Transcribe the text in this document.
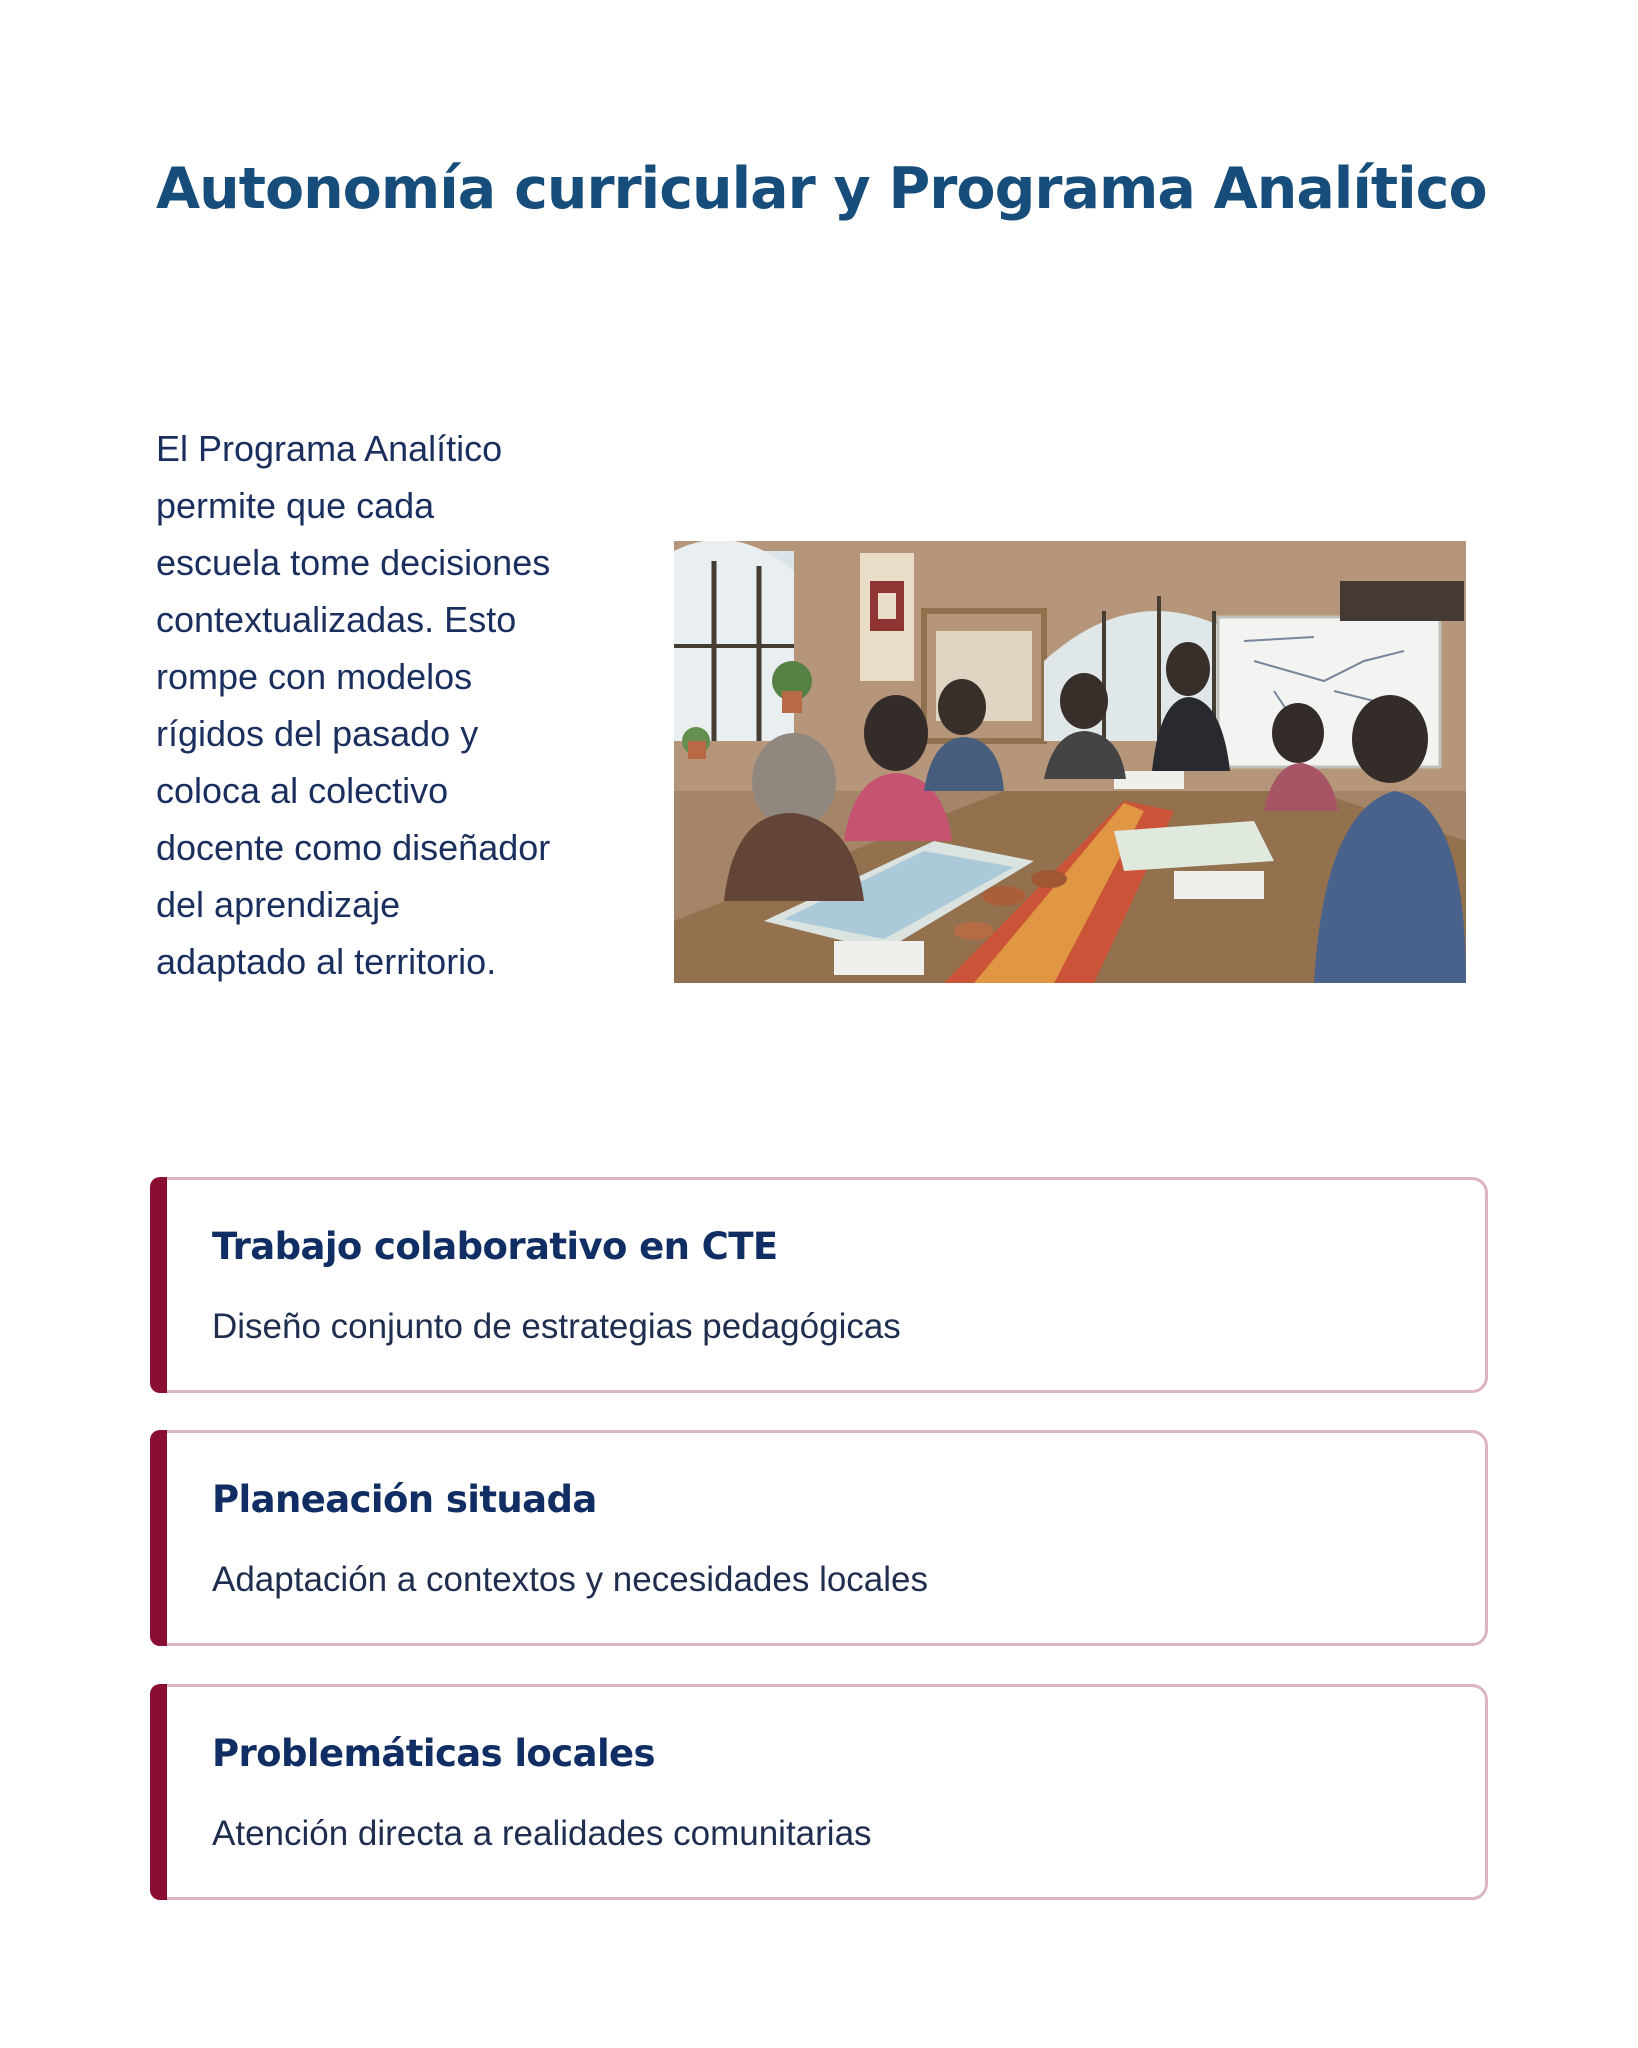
Autonomía curricular y Programa Analítico

El Programa Analítico permite que cada escuela tome decisiones contextualizadas. Esto rompe con modelos rígidos del pasado y coloca al colectivo docente como diseñador del aprendizaje adaptado al territorio.

Trabajo colaborativo en CTE

Diseño conjunto de estrategias pedagógicas

Planeación situada

Adaptación a contextos y necesidades locales

Problemáticas locales

Atención directa a realidades comunitarias
